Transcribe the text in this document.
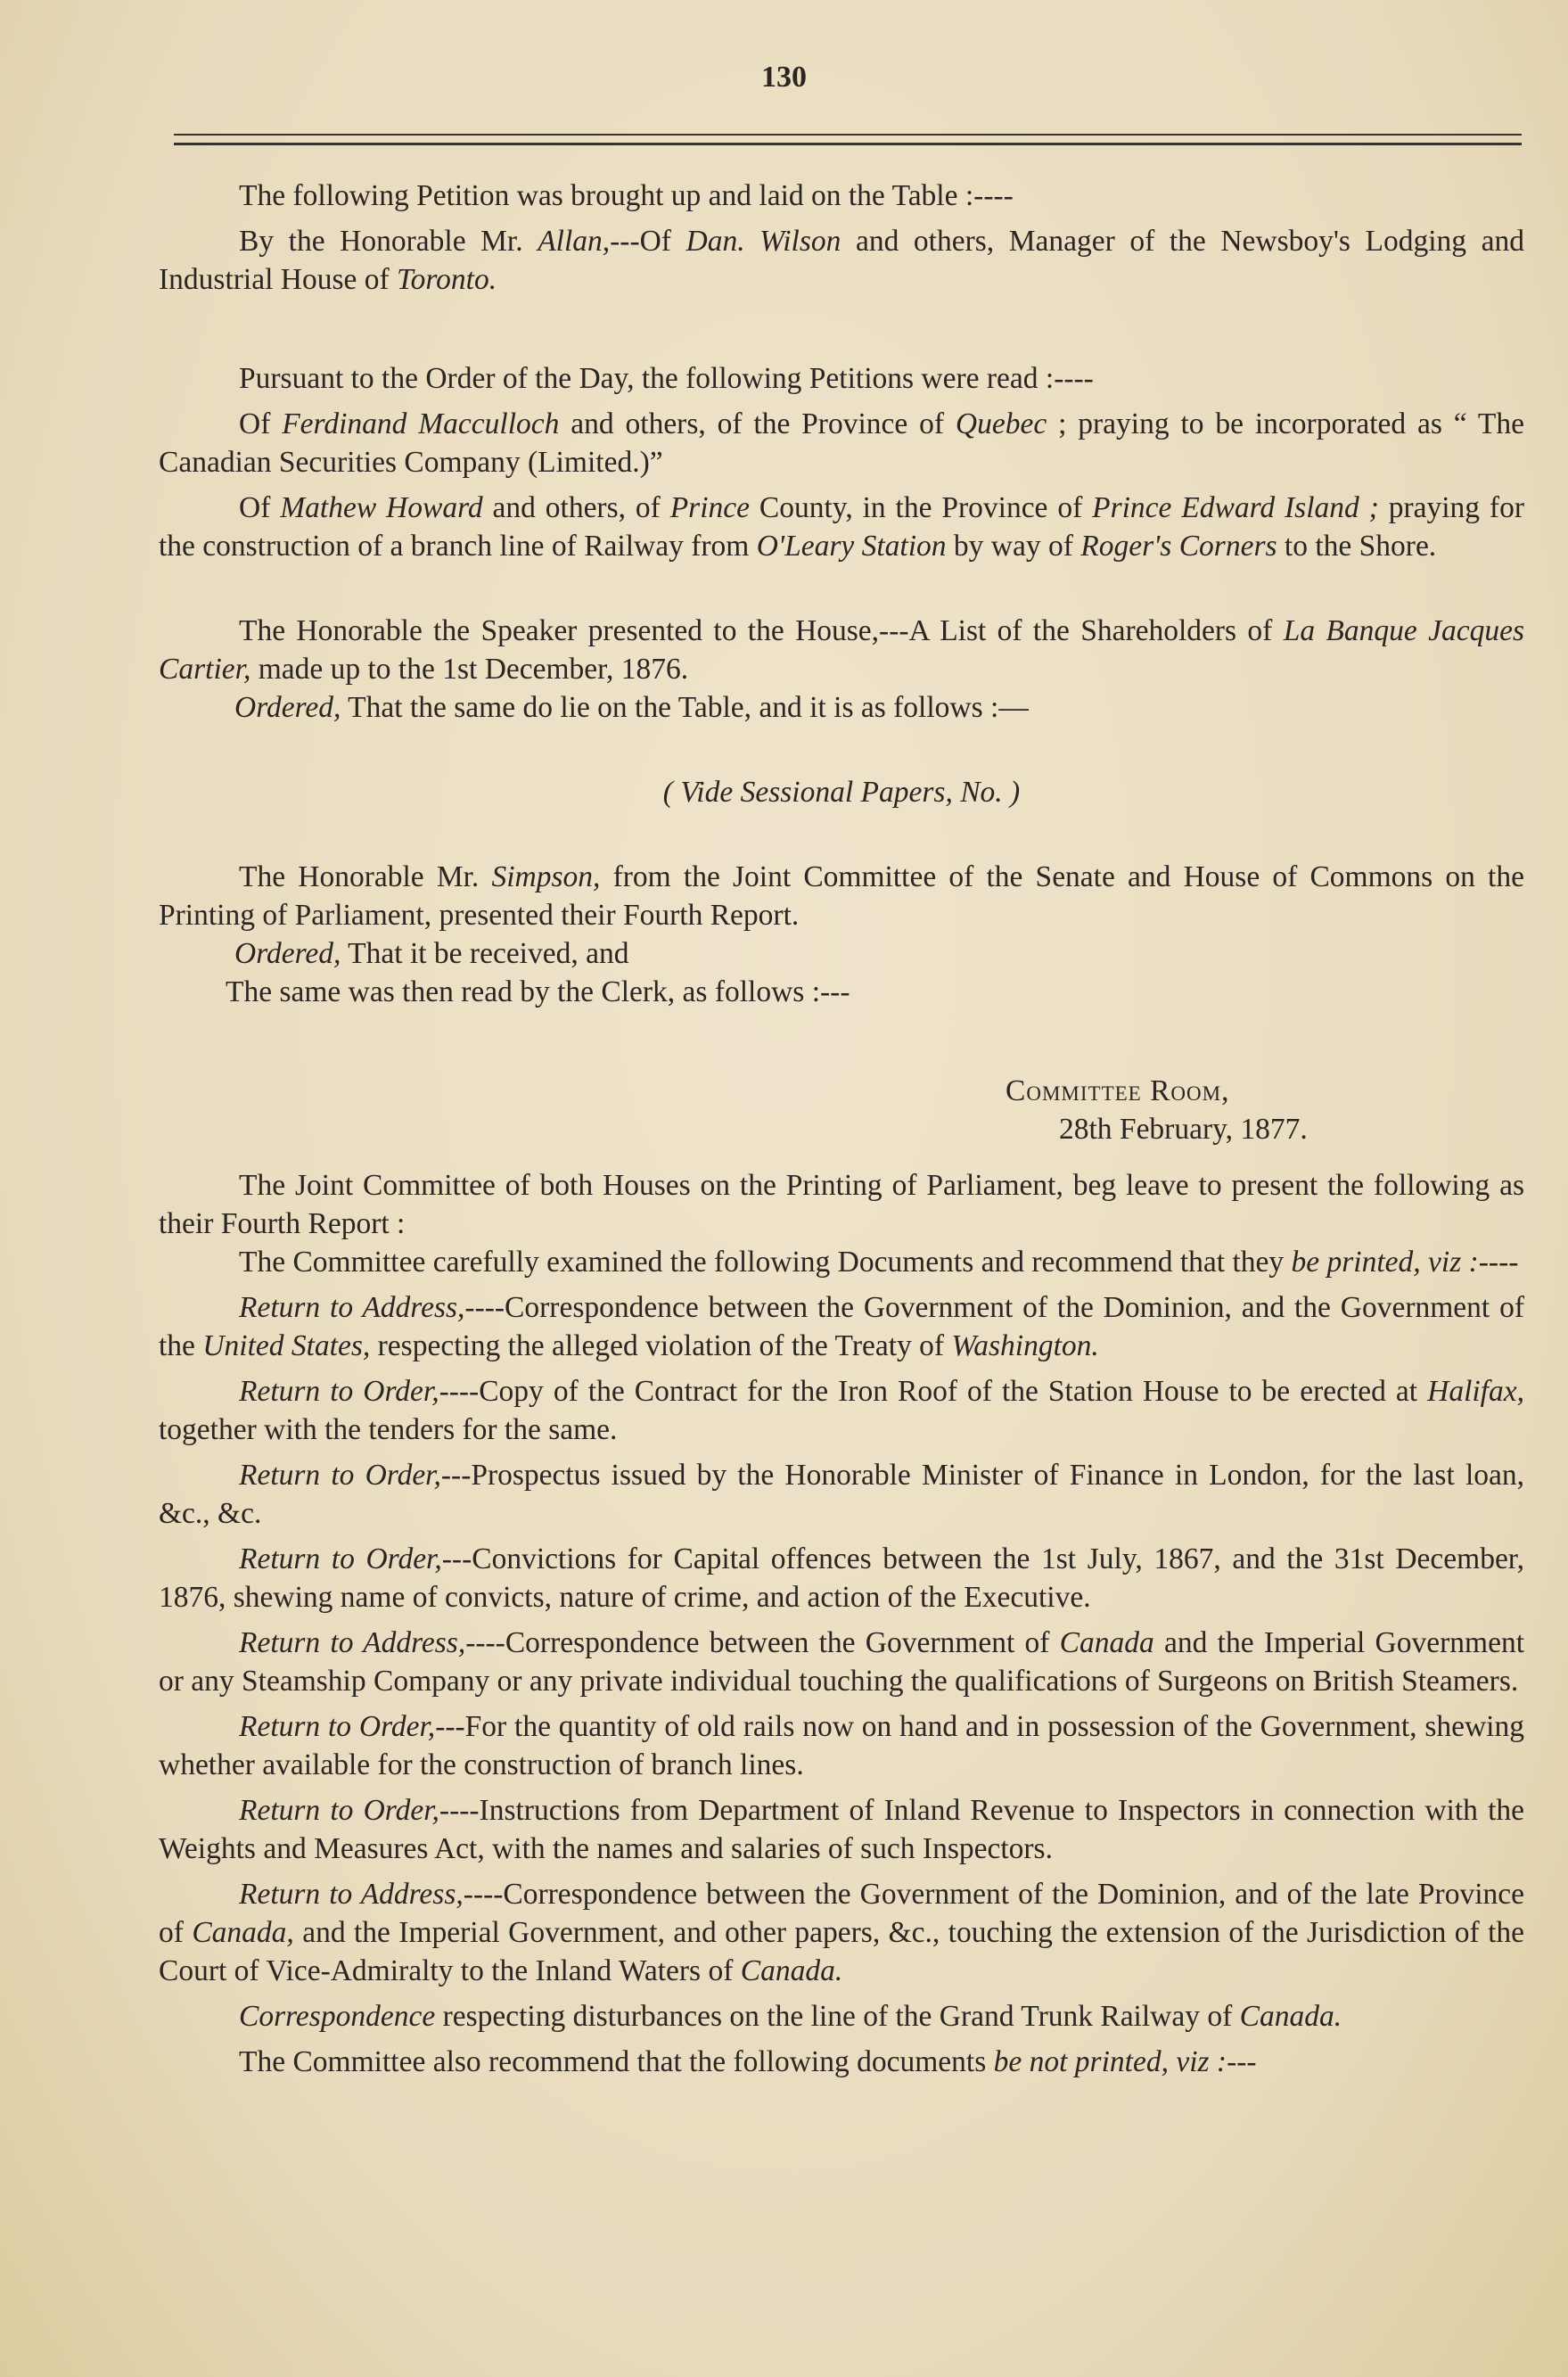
130

The following Petition was brought up and laid on the Table :----

By the Honorable Mr. Allan,---Of Dan. Wilson and others, Manager of the Newsboy's Lodging and Industrial House of Toronto.

Pursuant to the Order of the Day, the following Petitions were read :----

Of Ferdinand Macculloch and others, of the Province of Quebec ; praying to be incorporated as “ The Canadian Securities Company (Limited.)”

Of Mathew Howard and others, of Prince County, in the Province of Prince Edward Island ; praying for the construction of a branch line of Railway from O'Leary Station by way of Roger's Corners to the Shore.

The Honorable the Speaker presented to the House,---A List of the Shareholders of La Banque Jacques Cartier, made up to the 1st December, 1876.

Ordered, That the same do lie on the Table, and it is as follows :—

( Vide Sessional Papers, No. )

The Honorable Mr. Simpson, from the Joint Committee of the Senate and House of Commons on the Printing of Parliament, presented their Fourth Report.

Ordered, That it be received, and

The same was then read by the Clerk, as follows :---

Committee Room,
28th February, 1877.

The Joint Committee of both Houses on the Printing of Parliament, beg leave to present the following as their Fourth Report :

The Committee carefully examined the following Documents and recommend that they be printed, viz :----

Return to Address,----Correspondence between the Government of the Dominion, and the Government of the United States, respecting the alleged violation of the Treaty of Washington.

Return to Order,----Copy of the Contract for the Iron Roof of the Station House to be erected at Halifax, together with the tenders for the same.

Return to Order,---Prospectus issued by the Honorable Minister of Finance in London, for the last loan, &c., &c.

Return to Order,---Convictions for Capital offences between the 1st July, 1867, and the 31st December, 1876, shewing name of convicts, nature of crime, and action of the Executive.

Return to Address,----Correspondence between the Government of Canada and the Imperial Government or any Steamship Company or any private individual touching the qualifications of Surgeons on British Steamers.

Return to Order,---For the quantity of old rails now on hand and in possession of the Government, shewing whether available for the construction of branch lines.

Return to Order,----Instructions from Department of Inland Revenue to Inspectors in connection with the Weights and Measures Act, with the names and salaries of such Inspectors.

Return to Address,----Correspondence between the Government of the Dominion, and of the late Province of Canada, and the Imperial Government, and other papers, &c., touching the extension of the Jurisdiction of the Court of Vice-Admiralty to the Inland Waters of Canada.

Correspondence respecting disturbances on the line of the Grand Trunk Railway of Canada.

The Committee also recommend that the following documents be not printed, viz :---
